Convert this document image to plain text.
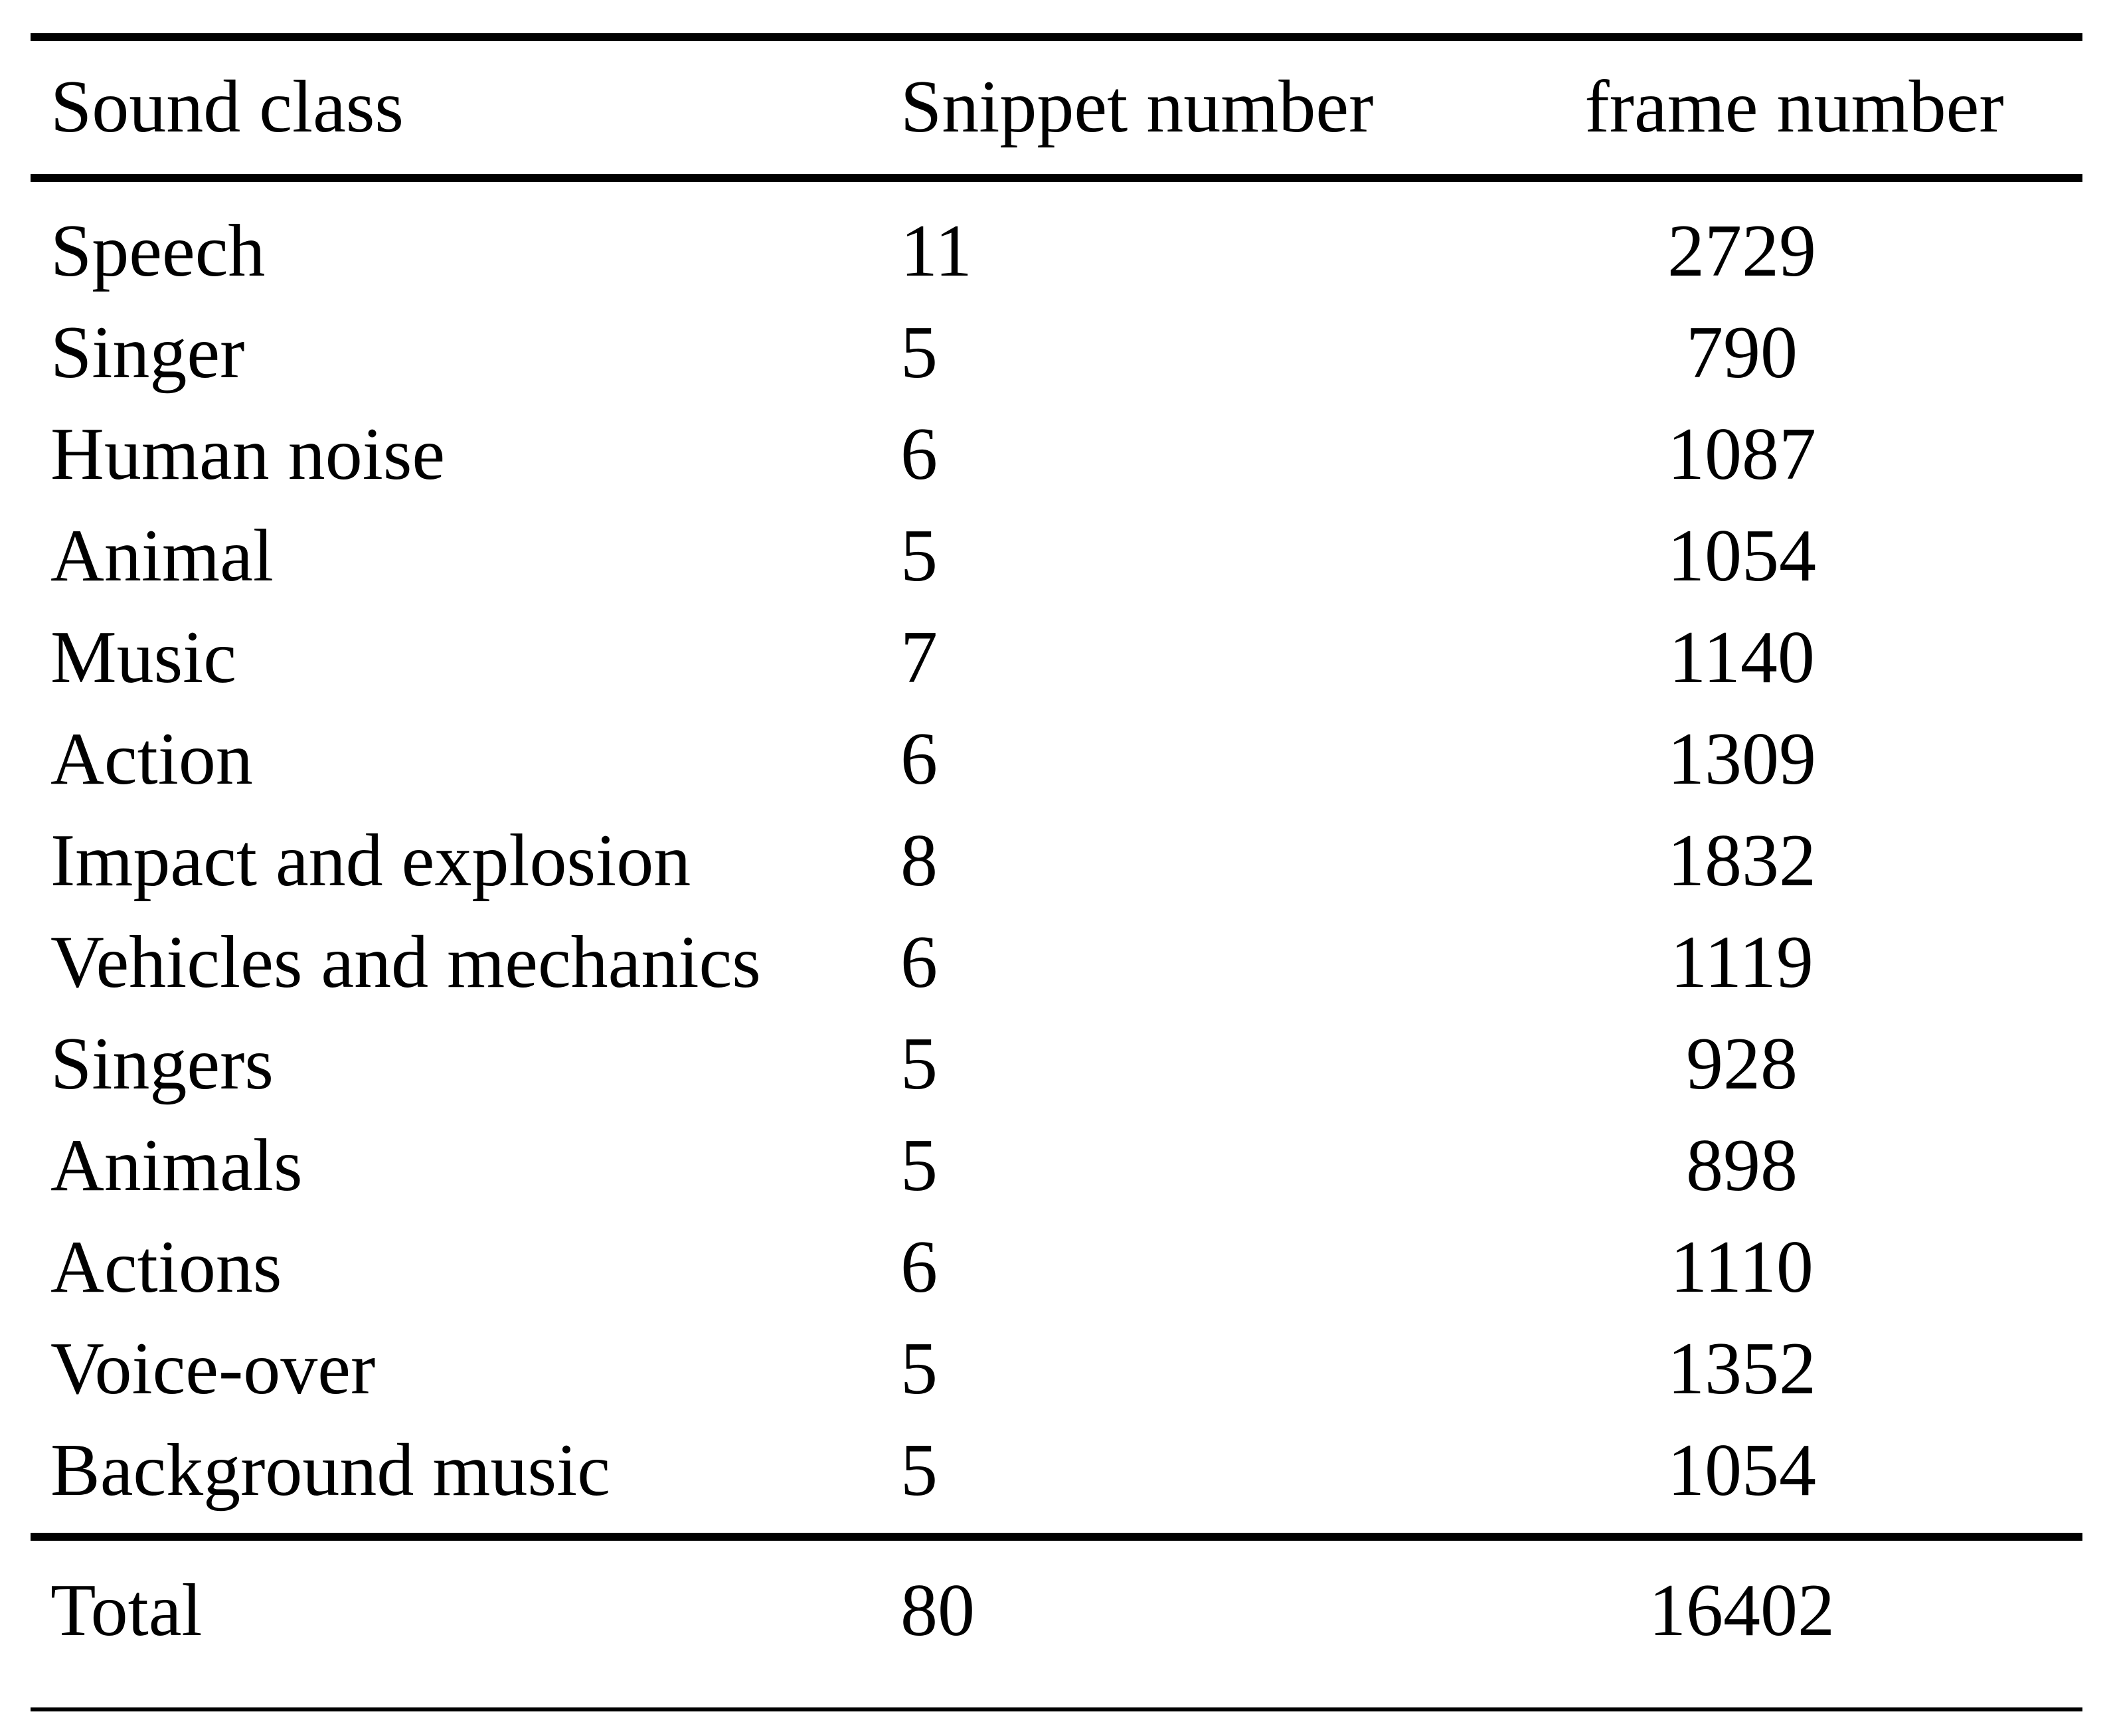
Sound class	Snippet number	frame number
Speech	11	2729
Singer	5	790
Human noise	6	1087
Animal	5	1054
Music	7	1140
Action	6	1309
Impact and explosion	8	1832
Vehicles and mechanics 6	1119
Singers	5	928
Animals	5	898
Actions	6	1110
Voice-over	5	1352
Background music	5	1054
Total	80	16402
